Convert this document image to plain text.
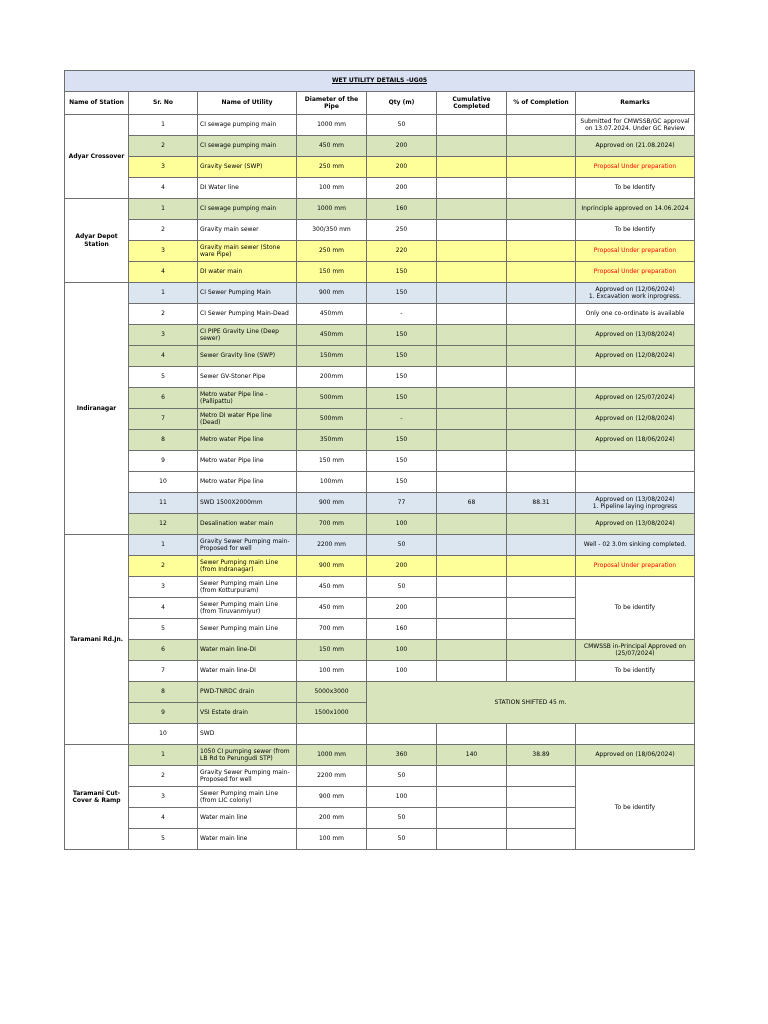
WET UTILITY DETAILS -UG05							
Name of Station	Sr. No	Name of Utility	Diameter of the Pipe	Qty (m)	Cumulative Completed	% of Completion	Remarks
Adyar Crossover	1	CI sewage pumping main	1000 mm	50			Submitted for CMWSSB/GC approval on 13.07.2024. Under GC Review
	2	CI sewage pumping main	450 mm	200			Approved on (21.08.2024)
	3	Gravity Sewer (SWP)	250 mm	200			Proposal Under preparation
	4	DI Water line	100 mm	200			To be Identify
Adyar Depot Station	1	CI sewage pumping main	1000 mm	160			Inprinciple approved on 14.06.2024
	2	Gravity main sewer	300/350 mm	250			To be Identify
	3	Gravity main sewer (Stone ware Pipe)	250 mm	220			Proposal Under preparation
	4	DI water main	150 mm	150			Proposal Under preparation
Indiranagar	1	CI Sewer Pumping Main	900 mm	150			Approved on (12/06/2024)
1. Excavation work inprogress.
	2	CI Sewer Pumping Main-Dead	450mm	-			Only one co-ordinate is available
	3	CI PIPE Gravity Line (Deep sewer)	450mm	150			Approved on (13/08/2024)
	4	Sewer Gravity line (SWP)	150mm	150			Approved on (12/08/2024)
	5	Sewer GV-Stoner Pipe	200mm	150			
	6	Metro water Pipe line - (Pallipattu)	500mm	150			Approved on (25/07/2024)
	7	Metro DI water Pipe line (Dead)	500mm	-			Approved on (12/08/2024)
	8	Metro water Pipe line	350mm	150			Approved on (18/06/2024)
	9	Metro water Pipe line	150 mm	150			
	10	Metro water Pipe line	100mm	150			
	11	SWD 1500X2000mm	900 mm	77	68	88.31	Approved on (13/08/2024)
1. Pipeline laying inprogress
	12	Desalination water main	700 mm	100			Approved on (13/08/2024)
Taramani Rd.Jn.	1	Gravity Sewer Pumping main- Proposed for well	2200 mm	50			Well - 02 3.0m sinking completed.
	2	Sewer Pumping main Line (from Indranagar)	900 mm	200			Proposal Under preparation
	3	Sewer Pumping main Line (from Kotturpuram)	450 mm	50			To be identify
	4	Sewer Pumping main Line (from Tiruvanmiyur)	450 mm	200			
	5	Sewer Pumping main Line	700 mm	160			
	6	Water main line-DI	150 mm	100			CMWSSB in-Principal Approved on (25/07/2024)
	7	Water main line-DI	100 mm	100			To be identify
	8	PWD-TNRDC drain	5000x3000	STATION SHIFTED 45 m.			
	9	VSI Estate drain	1500x1000				
	10	SWD					
Taramani Cut-Cover & Ramp	1	1050 CI pumping sewer (from LB Rd to Perungudi STP)	1000 mm	360	140	38.89	Approved on (18/06/2024)
	2	Gravity Sewer Pumping main- Proposed for well	2200 mm	50			To be identify
	3	Sewer Pumping main Line (from LIC colony)	900 mm	100			
	4	Water main line	200 mm	50			
	5	Water main line	100 mm	50			
